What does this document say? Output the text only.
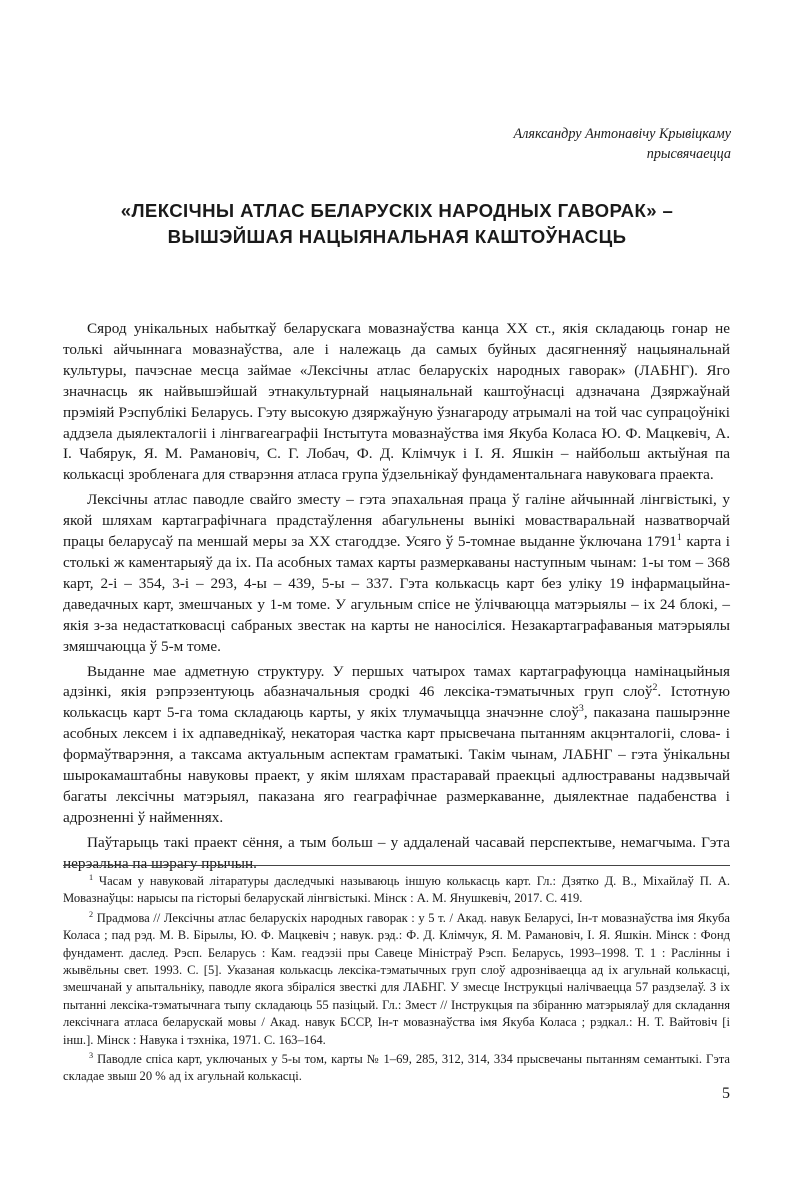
Аляксандру Антонавічу Крывіцкаму
прысвячаецца
«ЛЕКСІЧНЫ АТЛАС БЕЛАРУСКІХ НАРОДНЫХ ГАВОРАК» –
ВЫШЭЙШАЯ НАЦЫЯНАЛЬНАЯ КАШТОЎНАСЦЬ

Сярод унікальных набыткаў беларускага мовазнаўства канца XX ст., якія складаюць гонар не толькі айчыннага мовазнаўства, але і належаць да самых буйных дасягненняў нацыянальнай культуры, пачэснае месца займае «Лексічны атлас беларускіх народных гаворак» (ЛАБНГ). Яго значнасць як найвышэйшай этнакультурнай нацыянальнай каштоўнасці адзначана Дзяржаўнай прэміяй Рэспублікі Беларусь. Гэту высокую дзяржаўную ўзнагароду атрымалі на той час супрацоўнікі аддзела дыялекталогіі і лінгвагеаграфіі Інстытута мовазнаўства імя Якуба Коласа Ю. Ф. Мацкевіч, А. І. Чабярук, Я. М. Рамановіч, С. Г. Лобач, Ф. Д. Клімчук і І. Я. Яшкін – найбольш актыўная па колькасці зробленага для стварэння атласа група ўдзельнікаў фундаментальнага навуковага праекта.

Лексічны атлас паводле свайго зместу – гэта эпахальная праца ў галіне айчыннай лінгвістыкі, у якой шляхам картаграфічнага прадстаўлення абагульнены вынікі моваствaральнай назватворчай працы беларусаў па меншай меры за XX стагоддзе. Усяго ў 5-томнае выданне ўключана 1791$^1$ карта і столькі ж каментарыяў да іх. Па асобных тамах карты размеркаваны наступным чынам: 1-ы том – 368 карт, 2-і – 354, 3-і – 293, 4-ы – 439, 5-ы – 337. Гэта колькасць карт без уліку 19 інфармацыйна-даведачных карт, змешчаных у 1-м томе. У агульным спісе не ўлічваюцца матэрыялы – іх 24 блокі, – якія з-за недастатковасці сабраных звестак на карты не наносіліся. Незакартаграфаваныя матэрыялы змяшчаюцца ў 5-м томе.

Выданне мае адметную структуру. У першых чатырох тамах картаграфуюцца намінацыйныя адзінкі, якія рэпрэзентуюць абазначальныя сродкі 46 лексіка-тэматычных груп слоў$^2$. Істотную колькасць карт 5-га тома складаюць карты, у якіх тлумачыцца значэнне слоў$^3$, паказана пашырэнне асобных лексем і іх адпаведнікаў, некаторая частка карт прысвечана пытанням акцэнталогіі, слова- і формаўтварэння, а таксама актуальным аспектам граматыкі. Такім чынам, ЛАБНГ – гэта ўнікальны шырокамаштабны навуковы праект, у якім шляхам прастаравай праекцыі адлюстраваны надзвычай багаты лексічны матэрыял, паказана яго геаграфічнае размеркаванне, дыялектнае падабенства і адрозненні ў найменнях.

Паўтарыць такі праект сёння, а тым больш – у аддаленай часавай перспектыве, немагчыма. Гэта нерэальна па шэрагу прычын.

$^1$ Часам у навуковай літаратуры даследчыкі называюць іншую колькасць карт. Гл.: Дзятко Д. В., Міхайлаў П. А. Мовазнаўцы: нарысы па гісторыі беларускай лінгвістыкі. Мінск : А. М. Янушкевіч, 2017. С. 419.

$^2$ Прадмова // Лексічны атлас беларускіх народных гаворак : у 5 т. / Акад. навук Беларусі, Ін-т мовазнаўства імя Якуба Коласа ; пад рэд. М. В. Бірылы, Ю. Ф. Мацкевіч ; навук. рэд.: Ф. Д. Клімчук, Я. М. Рамановіч, І. Я. Яшкін. Мінск : Фонд фундамент. даслед. Рэсп. Беларусь : Кам. геадэзіі пры Савеце Міністраў Рэсп. Беларусь, 1993–1998. Т. 1 : Раслінны і жывёльны свет. 1993. С. [5]. Указаная колькасць лексіка-тэматычных груп слоў адрозніваецца ад іх агульнай колькасці, змешчанай у апытальніку, паводле якога збіраліся звесткі для ЛАБНГ. У змесце Інструкцыі налічваецца 57 раздзелаў. З іх пытанні лексіка-тэматычнага тыпу складаюць 55 пазіцый. Гл.: Змест // Інструкцыя па збіранню матэрыялаў для складання лексічнага атласа беларускай мовы / Акад. навук БССР, Ін-т мовазнаўства імя Якуба Коласа ; рэдкал.: Н. Т. Вайтовіч [і інш.]. Мінск : Навука і тэхніка, 1971. С. 163–164.

$^3$ Паводле спіса карт, уключаных у 5-ы том, карты № 1–69, 285, 312, 314, 334 прысвечаны пытанням семантыкі. Гэта складае звыш 20 % ад іх агульнай колькасці.

5
